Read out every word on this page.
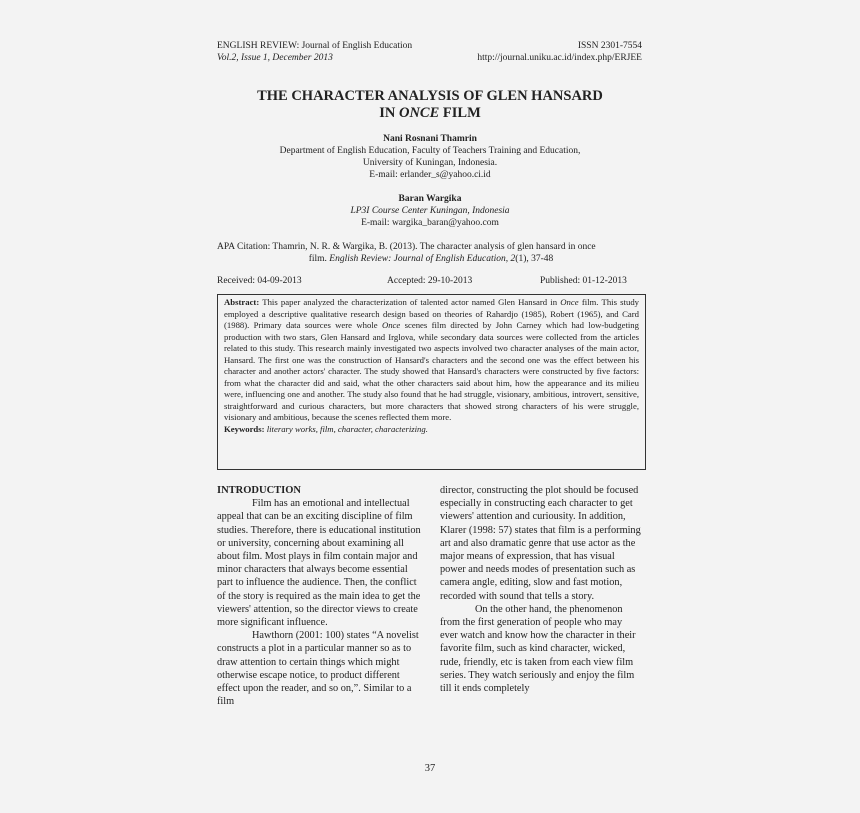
ENGLISH REVIEW: Journal of English Education	ISSN 2301-7554
Vol.2, Issue 1, December 2013	http://journal.uniku.ac.id/index.php/ERJEE
THE CHARACTER ANALYSIS OF GLEN HANSARD
IN ONCE FILM
Nani Rosnani Thamrin
Department of English Education, Faculty of Teachers Training and Education,
University of Kuningan, Indonesia.
E-mail: erlander_s@yahoo.ci.id
Baran Wargika
LP3I Course Center Kuningan, Indonesia
E-mail: wargika_baran@yahoo.com
APA Citation: Thamrin, N. R. & Wargika, B. (2013). The character analysis of glen hansard in once
film. English Review: Journal of English Education, 2(1), 37-48
Received: 04-09-2013	Accepted: 29-10-2013	Published: 01-12-2013
Abstract: This paper analyzed the characterization of talented actor named Glen Hansard in Once film. This study employed a descriptive qualitative research design based on theories of Rahardjo (1985), Robert (1965), and Card (1988). Primary data sources were whole Once scenes film directed by John Carney which had low-budgeting production with two stars, Glen Hansard and Irglova, while secondary data sources were collected from the articles related to this study. This research mainly investigated two aspects involved two character analyses of the main actor, Hansard. The first one was the construction of Hansard's characters and the second one was the effect between his character and another actors' character. The study showed that Hansard's characters were constructed by five factors: from what the character did and said, what the other characters said about him, how the appearance and its milieu were, influencing one and another. The study also found that he had struggle, visionary, ambitious, introvert, sensitive, straightforward and curious characters, but more characters that showed strong characters of his were struggle, visionary and ambitious, because the scenes reflected them more.
Keywords: literary works, film, character, characterizing.

INTRODUCTION

Film has an emotional and intellectual appeal that can be an exciting discipline of film studies. Therefore, there is educational institution or university, concerning about examining all about film. Most plays in film contain major and minor characters that always become essential part to influence the audience. Then, the conflict of the story is required as the main idea to get the viewers' attention, so the director views to create more significant influence.

Hawthorn (2001: 100) states “A novelist constructs a plot in a particular manner so as to draw attention to certain things which might otherwise escape notice, to product different effect upon the reader, and so on,”. Similar to a film

director, constructing the plot should be focused especially in constructing each character to get viewers' attention and curiousity. In addition, Klarer (1998: 57) states that film is a performing art and also dramatic genre that use actor as the major means of expression, that has visual power and needs modes of presentation such as camera angle, editing, slow and fast motion, recorded with sound that tells a story.

On the other hand, the phenomenon from the first generation of people who may ever watch and know how the character in their favorite film, such as kind character, wicked, rude, friendly, etc is taken from each view film series. They watch seriously and enjoy the film till it ends completely

37
